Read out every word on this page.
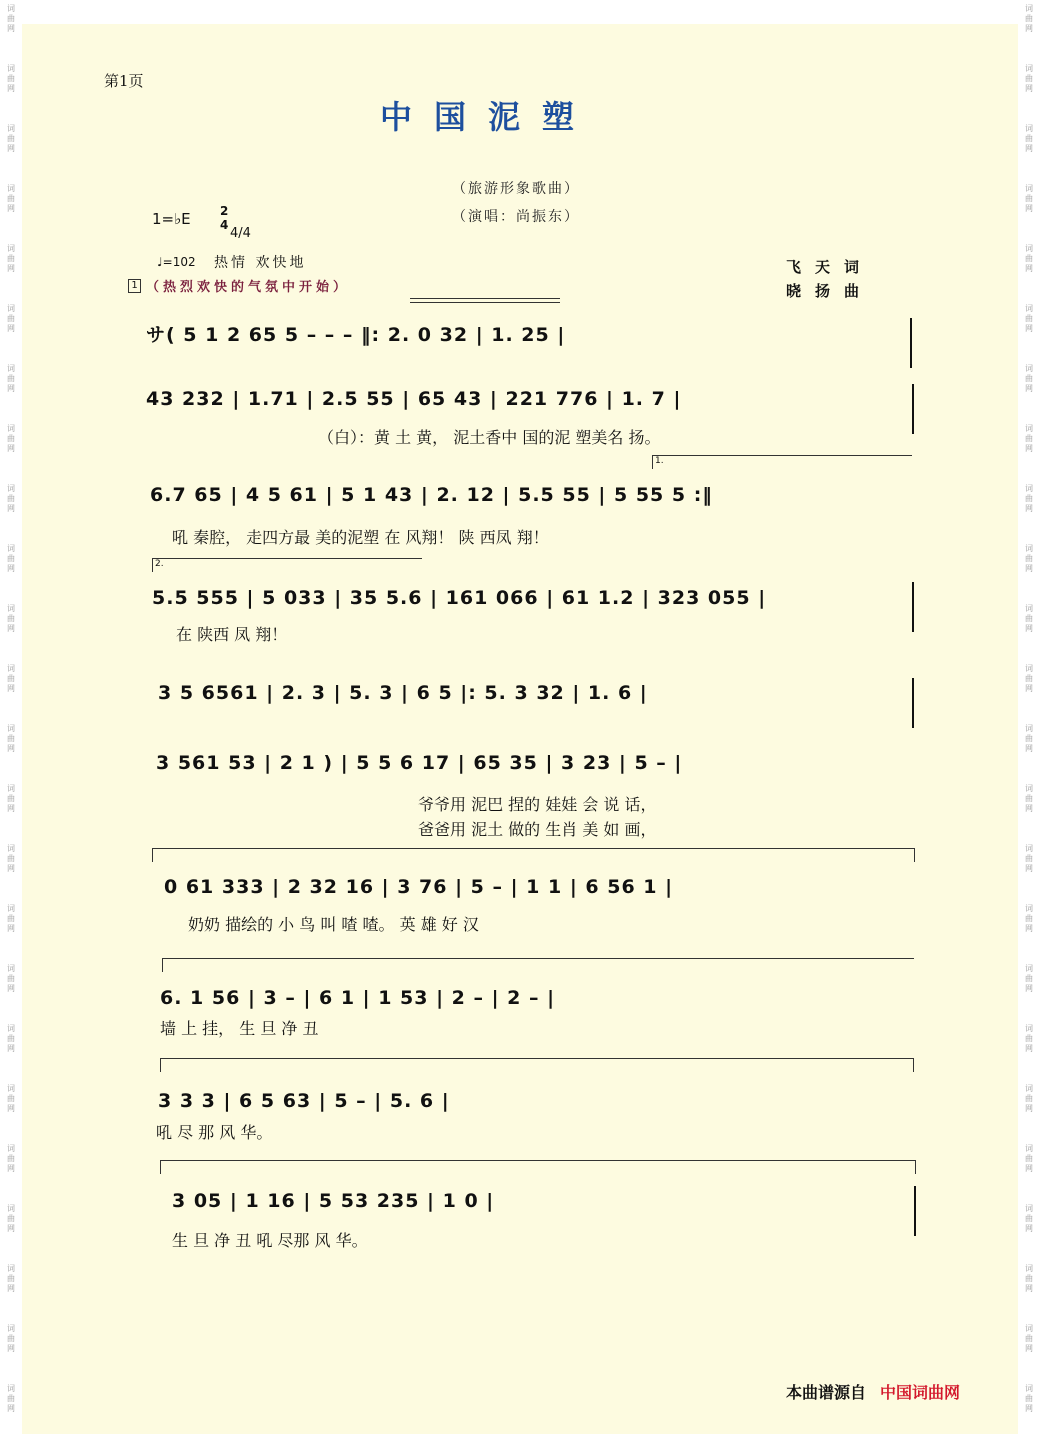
词
曲
网
词
曲
网
词
曲
网
词
曲
网
词
曲
网
词
曲
网
词
曲
网
词
曲
网
词
曲
网
词
曲
网
词
曲
网
词
曲
网
词
曲
网
词
曲
网
词
曲
网
词
曲
网
词
曲
网
词
曲
网
词
曲
网
词
曲
网
词
曲
网
词
曲
网
词
曲
网
词
曲
网
词
曲
网
词
曲
网
词
曲
网
词
曲
网
词
曲
网
词
曲
网
词
曲
网
词
曲
网
词
曲
网
词
曲
网
词
曲
网
词
曲
网
词
曲
网
词
曲
网
词
曲
网
词
曲
网
词
曲
网
词
曲
网
词
曲
网
词
曲
网
词
曲
网
词
曲
网
词
曲
网
词
曲
网
第1页
中国泥塑
（旅游形象歌曲）
（演唱：尚振东）
1=♭E 2
4
4/4
♩=102 热情 欢快地
1 （热烈欢快的气氛中开始）
飞天词
晓扬曲
サ( 5 1 2 65 5 – – – ‖: 2. 0 32 | 1. 25 |
43 232 | 1.71 | 2.5 55 | 65 43 | 221 776 | 1. 7 |
（白）：黄 土 黄， 泥土香中 国的泥 塑美名 扬。
1.
6.7 65 | 4 5 61 | 5 1 43 | 2. 12 | 5.5 55 | 5 55 5 :‖
吼 秦腔， 走四方最 美的泥塑 在 风翔！ 陕 西凤 翔！
2.
5.5 555 | 5 033 | 35 5.6 | 161 066 | 61 1.2 | 323 055 |
在 陕西 凤 翔！
3 5 6561 | 2. 3 | 5. 3 | 6 5 |: 5. 3 32 | 1. 6 |
3 561 53 | 2 1 ) | 5 5 6 17 | 65 35 | 3 23 | 5 – |
爷爷用 泥巴 捏的 娃娃 会 说 话，
爸爸用 泥土 做的 生肖 美 如 画，
0 61 333 | 2 32 16 | 3 76 | 5 – | 1 1 | 6 56 1 |
奶奶 描绘的 小 鸟 叫 喳 喳。 英 雄 好 汉
6. 1 56 | 3 – | 6 1 | 1 53 | 2 – | 2 – |
墙 上 挂， 生 旦 净 丑
3 3 3 | 6 5 63 | 5 – | 5. 6 |
吼 尽 那 风 华。
3 05 | 1 16 | 5 53 235 | 1 0 |
生 旦 净 丑 吼 尽那 风 华。
本曲谱源自 中国词曲网
